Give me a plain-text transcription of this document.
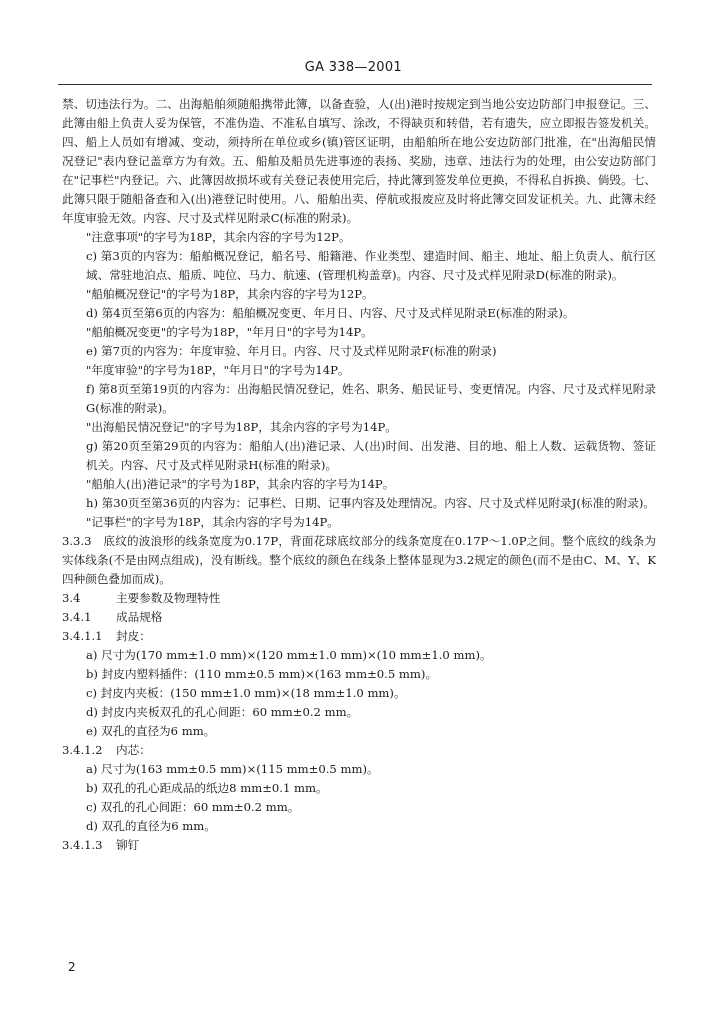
GA 338—2001

禁、切违法行为。二、出海船舶须随船携带此簿，以备查验，人(出)港时按规定到当地公安边防部门申报登记。三、此簿由船上负责人妥为保管，不准伪造、不准私自填写、涂改，不得缺页和转借，若有遗失，应立即报告签发机关。四、船上人员如有增减、变动，须持所在单位或乡(镇)管区证明，由船舶所在地公安边防部门批准，在"出海船民情况登记"表内登记盖章方为有效。五、船舶及船员先进事迹的表扬、奖励，违章、违法行为的处理，由公安边防部门在"记事栏"内登记。六、此簿因故损坏或有关登记表使用完后，持此簿到签发单位更换，不得私自拆换、倘毁。七、此簿只限于随船备查和入(出)港登记时使用。八、船舶出卖、停航或报废应及时将此簿交回发证机关。九、此簿未经年度审验无效。内容、尺寸及式样见附录C(标准的附录)。

"注意事项"的字号为18P，其余内容的字号为12P。

c) 第3页的内容为：船舶概况登记，船名号、船籍港、作业类型、建造时间、船主、地址、船上负责人、航行区域、常驻地泊点、船质、吨位、马力、航速、(管理机构盖章)。内容、尺寸及式样见附录D(标准的附录)。

"船舶概况登记"的字号为18P，其余内容的字号为12P。

d) 第4页至第6页的内容为：船舶概况变更、年月日、内容、尺寸及式样见附录E(标准的附录)。

"船舶概况变更"的字号为18P，"年月日"的字号为14P。

e) 第7页的内容为：年度审验、年月日。内容、尺寸及式样见附录F(标准的附录)

"年度审验"的字号为18P，"年月日"的字号为14P。

f) 第8页至第19页的内容为：出海船民情况登记，姓名、职务、船民证号、变更情况。内容、尺寸及式样见附录G(标准的附录)。

"出海船民情况登记"的字号为18P，其余内容的字号为14P。

g) 第20页至第29页的内容为：船舶人(出)港记录、人(出)时间、出发港、目的地、船上人数、运载货物、签证机关。内容、尺寸及式样见附录H(标准的附录)。

"船舶人(出)港记录"的字号为18P，其余内容的字号为14P。

h) 第30页至第36页的内容为：记事栏、日期、记事内容及处理情况。内容、尺寸及式样见附录J(标准的附录)。

"记事栏"的字号为18P，其余内容的字号为14P。

3.3.3　底纹的波浪形的线条宽度为0.17P，背面花球底纹部分的线条宽度在0.17P～1.0P之间。整个底纹的线条为实体线条(不是由网点组成)，没有断线。整个底纹的颜色在线条上整体显现为3.2规定的颜色(而不是由C、M、Y、K四种颜色叠加而成)。

3.4	主要参数及物理特性

3.4.1 成品规格

3.4.1.1 封皮：

a) 尺寸为(170 mm±1.0 mm)×(120 mm±1.0 mm)×(10 mm±1.0 mm)。

b) 封皮内塑料插件：(110 mm±0.5 mm)×(163 mm±0.5 mm)。

c) 封皮内夹板：(150 mm±1.0 mm)×(18 mm±1.0 mm)。

d) 封皮内夹板双孔的孔心间距：60 mm±0.2 mm。

e) 双孔的直径为6 mm。

3.4.1.2 内芯：

a) 尺寸为(163 mm±0.5 mm)×(115 mm±0.5 mm)。

b) 双孔的孔心距成品的纸边8 mm±0.1 mm。

c) 双孔的孔心间距：60 mm±0.2 mm。

d) 双孔的直径为6 mm。

3.4.1.3 铆钉

2
